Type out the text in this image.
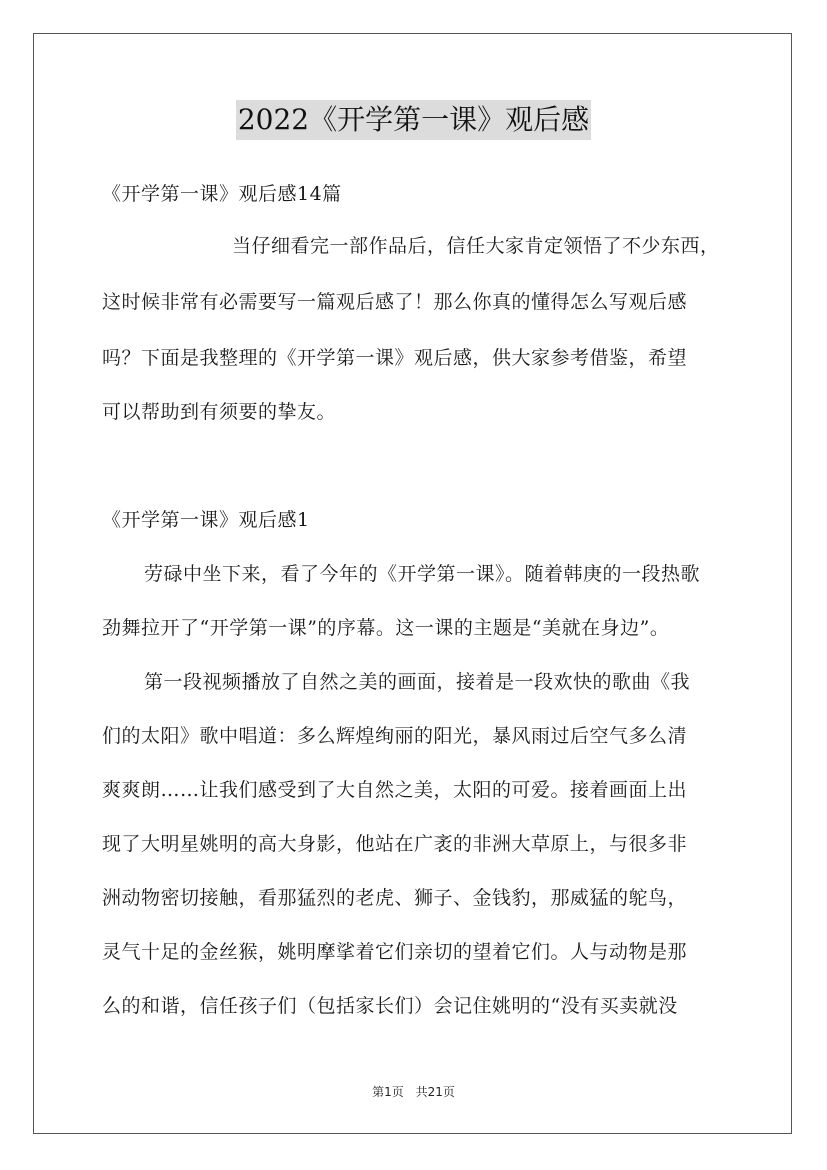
2022《开学第一课》观后感
《开学第一课》观后感14篇
当仔细看完一部作品后，信任大家肯定领悟了不少东西，
这时候非常有必需要写一篇观后感了！那么你真的懂得怎么写观后感
吗？下面是我整理的《开学第一课》观后感，供大家参考借鉴，希望
可以帮助到有须要的挚友。
《开学第一课》观后感1
劳碌中坐下来，看了今年的《开学第一课》。随着韩庚的一段热歌
劲舞拉开了“开学第一课”的序幕。这一课的主题是“美就在身边”。
第一段视频播放了自然之美的画面，接着是一段欢快的歌曲《我
们的太阳》歌中唱道：多么辉煌绚丽的阳光，暴风雨过后空气多么清
爽爽朗……让我们感受到了大自然之美，太阳的可爱。接着画面上出
现了大明星姚明的高大身影，他站在广袤的非洲大草原上，与很多非
洲动物密切接触，看那猛烈的老虎、狮子、金钱豹，那威猛的鸵鸟，
灵气十足的金丝猴，姚明摩挲着它们亲切的望着它们。人与动物是那
么的和谐，信任孩子们（包括家长们）会记住姚明的“没有买卖就没
第1页 共21页
